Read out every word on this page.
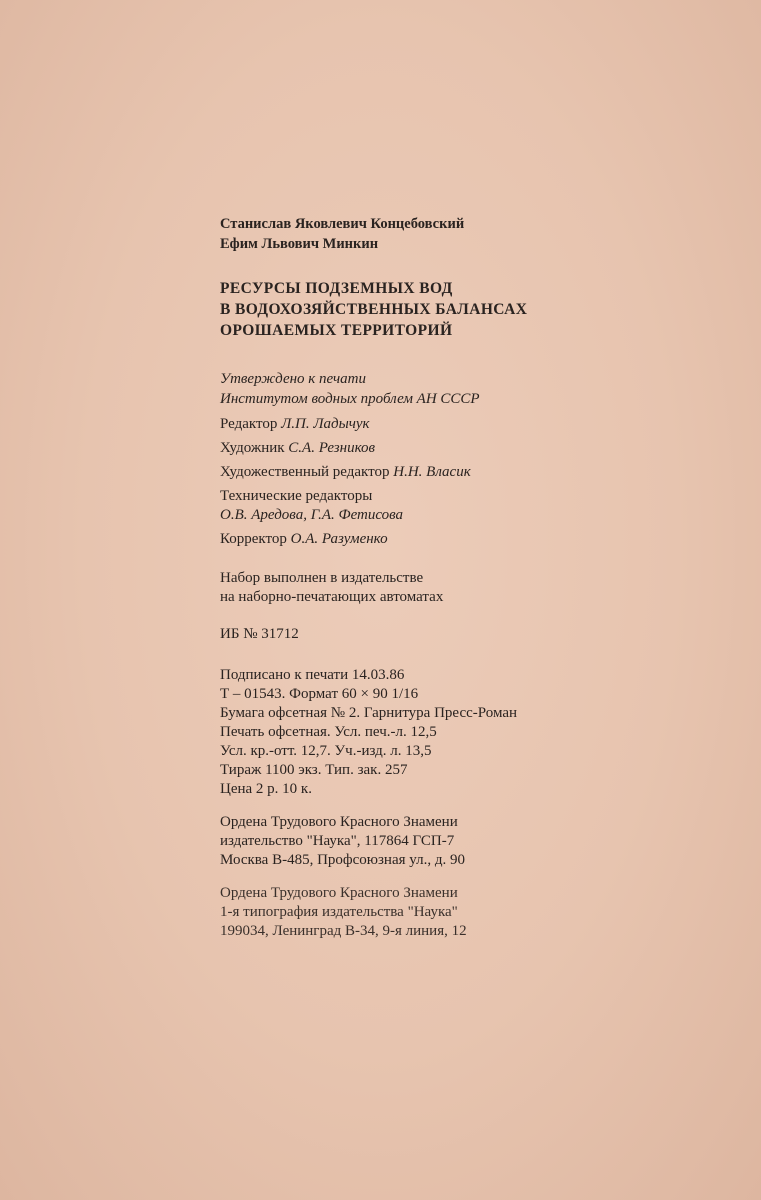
Станислав Яковлевич Концебовский
Ефим Львович Минкин
РЕСУРСЫ ПОДЗЕМНЫХ ВОД
В ВОДОХОЗЯЙСТВЕННЫХ БАЛАНСАХ
ОРОШАЕМЫХ ТЕРРИТОРИЙ
Утверждено к печати
Институтом водных проблем АН СССР
Редактор Л.П. Ладычук
Художник С.А. Резников
Художественный редактор Н.Н. Власик
Технические редакторы
О.В. Аредова, Г.А. Фетисова
Корректор О.А. Разуменко
Набор выполнен в издательстве
на наборно-печатающих автоматах
ИБ № 31712
Подписано к печати 14.03.86
Т – 01543. Формат 60 × 90 1/16
Бумага офсетная № 2. Гарнитура Пресс-Роман
Печать офсетная. Усл. печ.-л. 12,5
Усл. кр.-отт. 12,7. Уч.-изд. л. 13,5
Тираж 1100 экз. Тип. зак. 257
Цена 2 р. 10 к.
Ордена Трудового Красного Знамени
издательство "Наука", 117864 ГСП-7
Москва В-485, Профсоюзная ул., д. 90
Ордена Трудового Красного Знамени
1-я типография издательства "Наука"
199034, Ленинград В-34, 9-я линия, 12
